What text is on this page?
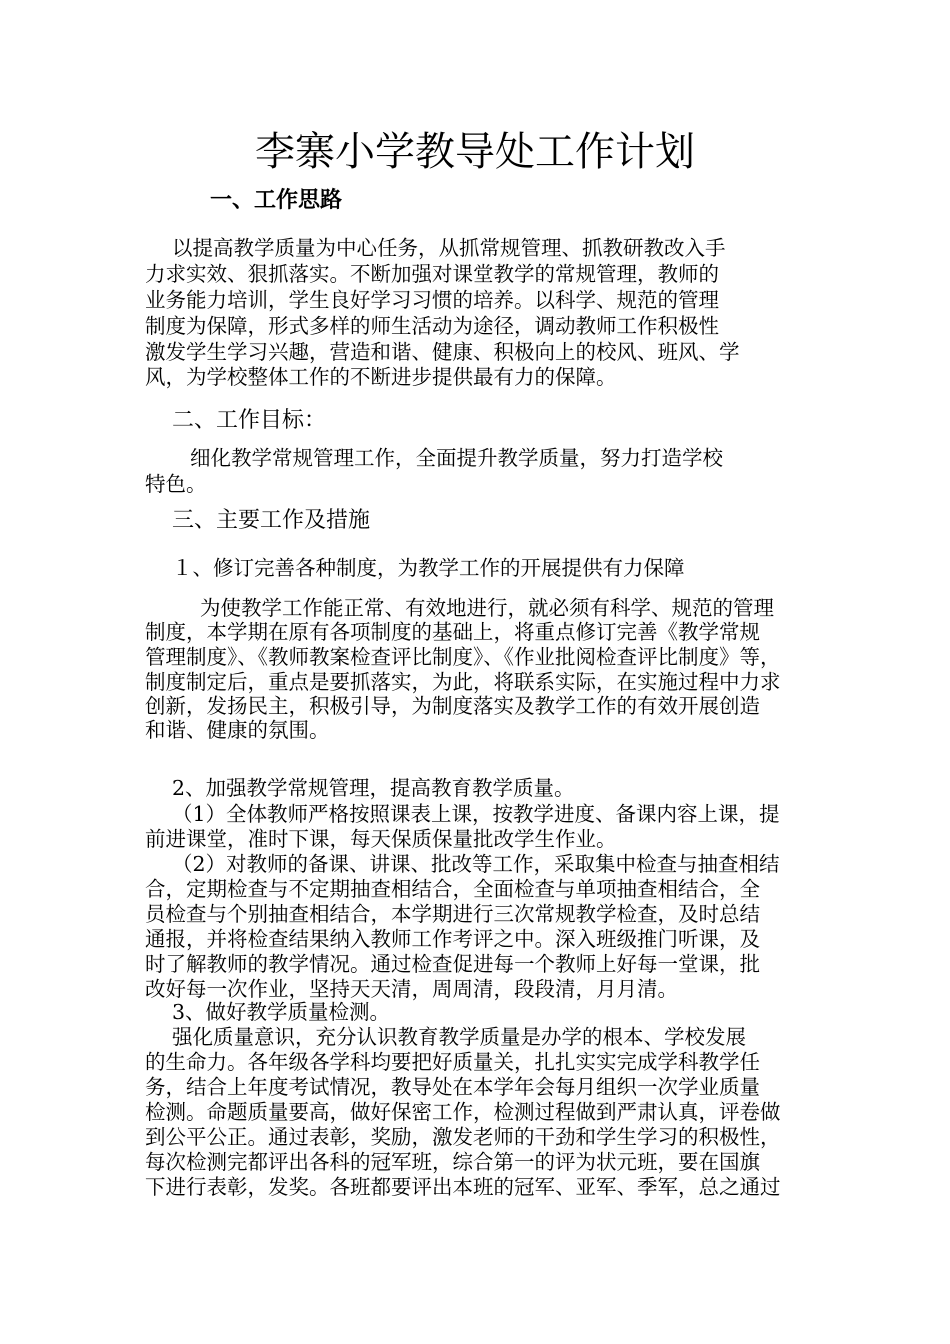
李寨小学教导处工作计划
一、工作思路
以提高教学质量为中心任务，从抓常规管理、抓教研教改入手
力求实效、狠抓落实。不断加强对课堂教学的常规管理，教师的
业务能力培训，学生良好学习习惯的培养。以科学、规范的管理
制度为保障，形式多样的师生活动为途径，调动教师工作积极性
激发学生学习兴趣，营造和谐、健康、积极向上的校风、班风、学
风，为学校整体工作的不断进步提供最有力的保障。
二、工作目标：
细化教学常规管理工作，全面提升教学质量，努力打造学校
特色。
三、主要工作及措施
１、修订完善各种制度，为教学工作的开展提供有力保障
为使教学工作能正常、有效地进行，就必须有科学、规范的管理
制度，本学期在原有各项制度的基础上，将重点修订完善《教学常规
管理制度》、《教师教案检查评比制度》、《作业批阅检查评比制度》等，
制度制定后，重点是要抓落实，为此，将联系实际，在实施过程中力求
创新，发扬民主，积极引导，为制度落实及教学工作的有效开展创造
和谐、健康的氛围。
2、加强教学常规管理，提高教育教学质量。
（1）全体教师严格按照课表上课，按教学进度、备课内容上课，提
前进课堂，准时下课，每天保质保量批改学生作业。
（2）对教师的备课、讲课、批改等工作，采取集中检查与抽查相结
合，定期检查与不定期抽查相结合，全面检查与单项抽查相结合，全
员检查与个别抽查相结合，本学期进行三次常规教学检查，及时总结
通报，并将检查结果纳入教师工作考评之中。深入班级推门听课，及
时了解教师的教学情况。通过检查促进每一个教师上好每一堂课，批
改好每一次作业，坚持天天清，周周清，段段清，月月清。
3、做好教学质量检测。
强化质量意识，充分认识教育教学质量是办学的根本、学校发展
的生命力。各年级各学科均要把好质量关，扎扎实实完成学科教学任
务，结合上年度考试情况，教导处在本学年会每月组织一次学业质量
检测。命题质量要高，做好保密工作，检测过程做到严肃认真，评卷做
到公平公正。通过表彰，奖励，激发老师的干劲和学生学习的积极性，
每次检测完都评出各科的冠军班，综合第一的评为状元班，要在国旗
下进行表彰，发奖。各班都要评出本班的冠军、亚军、季军，总之通过
